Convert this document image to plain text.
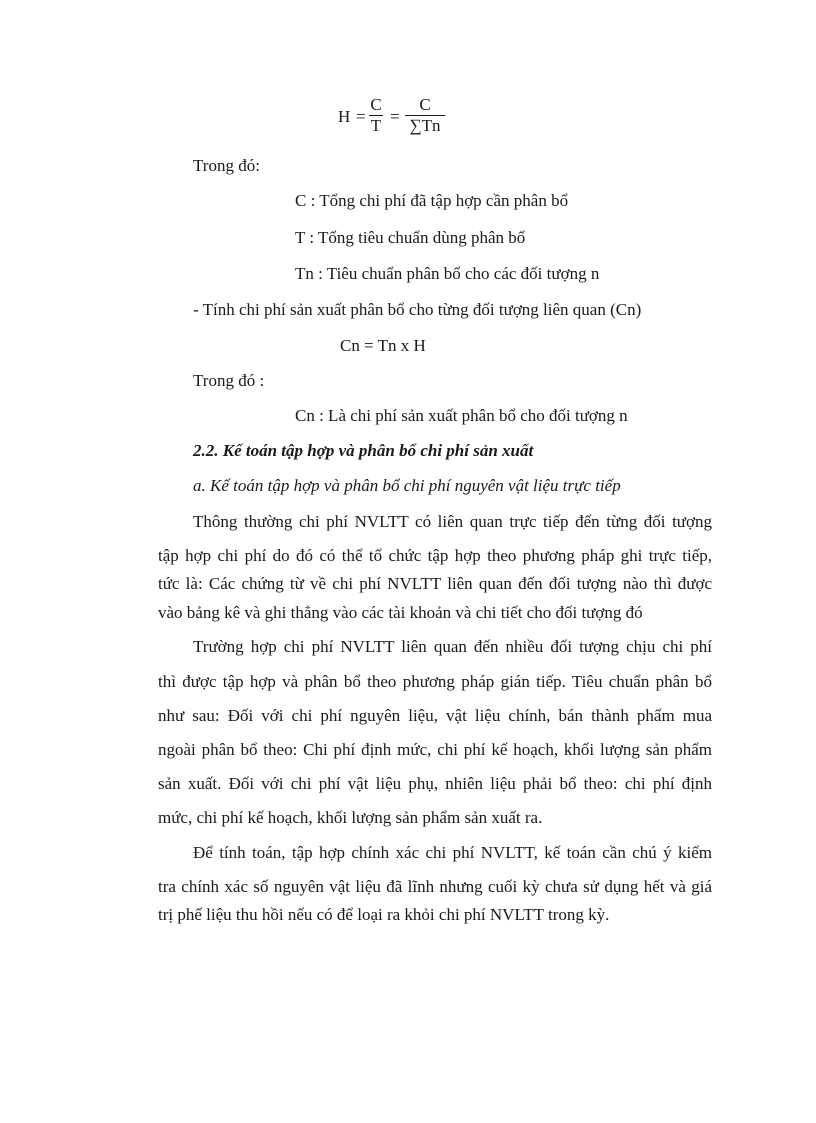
H =
C
T =
C
∑Tn
Trong đó:
C : Tổng chi phí đã tập hợp cần phân bổ
T : Tổng tiêu chuẩn dùng phân bổ
Tn : Tiêu chuẩn phân bổ cho các đối tượng n
- Tính chi phí sản xuất phân bổ cho từng đối tượng liên quan (Cn)
Cn = Tn x H
Trong đó :
Cn : Là chi phí sản xuất phân bổ cho đối tượng n
2.2. Kế toán tập hợp và phân bổ chi phí sản xuất
a. Kế toán tập hợp và phân bổ chi phí nguyên vật liệu trực tiếp
Thông thường chi phí NVLTT có liên quan trực tiếp đến từng đối tượng
tập hợp chi phí do đó có thể tổ chức tập hợp theo phương pháp ghi trực tiếp,
tức là: Các chứng từ về chi phí NVLTT liên quan đến đối tượng nào thì được
vào bảng kê và ghi thẳng vào các tài khoản và chi tiết cho đối tượng đó
Trường hợp chi phí NVLTT liên quan đến nhiều đối tượng chịu chi phí
thì được tập hợp và phân bổ theo phương pháp gián tiếp. Tiêu chuẩn phân bổ
như sau: Đối với chi phí nguyên liệu, vật liệu chính, bán thành phẩm mua
ngoài phân bổ theo: Chi phí định mức, chi phí kế hoạch, khối lượng sản phẩm
sản xuất. Đối với chi phí vật liệu phụ, nhiên liệu phải bổ theo: chi phí định
mức, chi phí kế hoạch, khối lượng sản phẩm sản xuất ra.
Để tính toán, tập hợp chính xác chi phí NVLTT, kế toán cần chú ý kiểm
tra chính xác số nguyên vật liệu đã lĩnh nhưng cuối kỳ chưa sử dụng hết và giá
trị phế liệu thu hồi nếu có để loại ra khỏi chi phí NVLTT trong kỳ.
